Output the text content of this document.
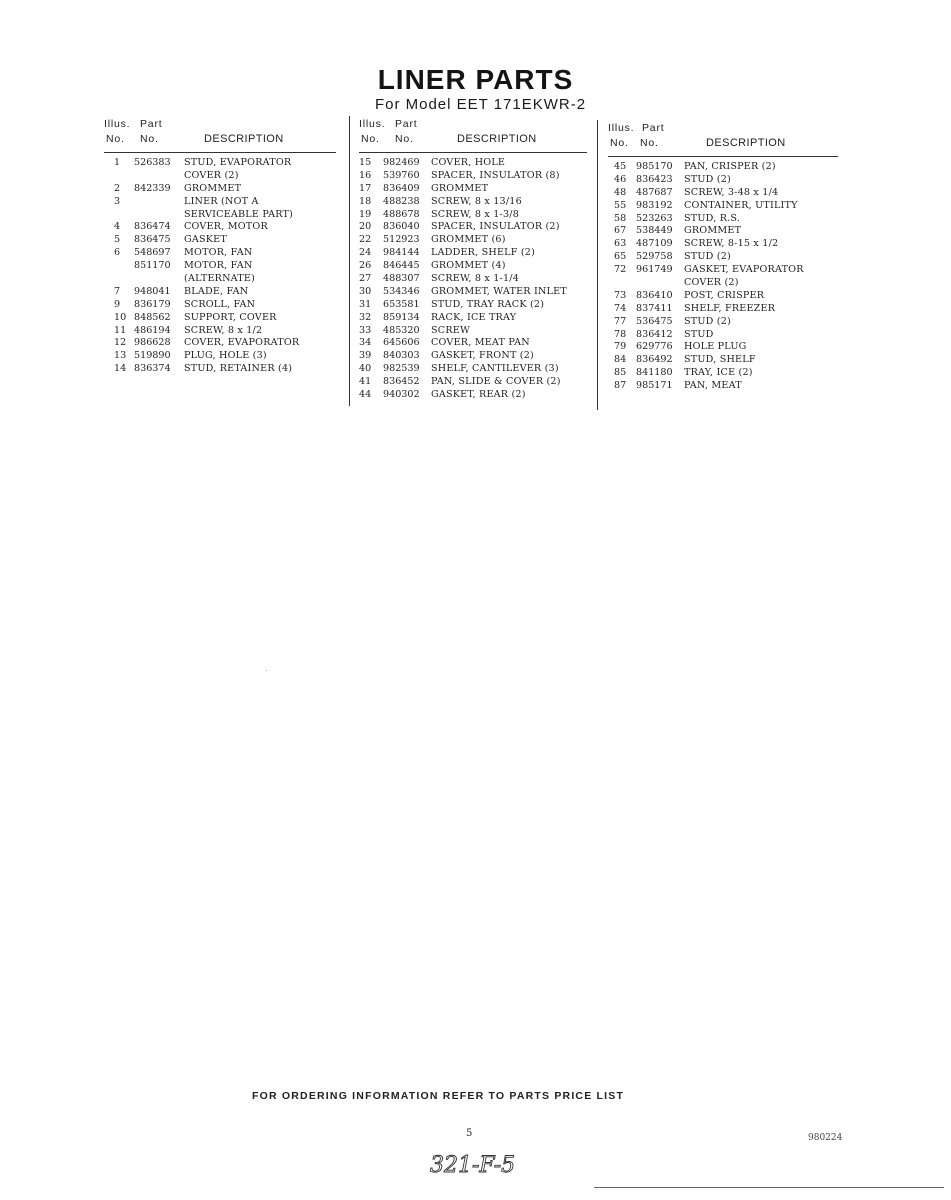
LINER PARTS
For Model EET 171EKWR-2
Illus. Part
No. No.	DESCRIPTION
1 526383 STUD, EVAPORATOR
COVER (2)
2 842339 GROMMET
3	LINER (NOT A
SERVICEABLE PART)
4 836474 COVER, MOTOR
5 836475 GASKET
6 548697 MOTOR, FAN
851170 MOTOR, FAN
(ALTERNATE)
7 948041 BLADE, FAN
9 836179 SCROLL, FAN
10 848562 SUPPORT, COVER
11 486194 SCREW, 8 x 1/2
12 986628 COVER, EVAPORATOR
13 519890 PLUG, HOLE (3)
14 836374 STUD, RETAINER (4)
Illus. Part
No. No.	DESCRIPTION
15 982469 COVER, HOLE
16 539760 SPACER, INSULATOR (8)
17 836409 GROMMET
18 488238 SCREW, 8 x 13/16
19 488678 SCREW, 8 x 1-3/8
20 836040 SPACER, INSULATOR (2)
22 512923 GROMMET (6)
24 984144 LADDER, SHELF (2)
26 846445 GROMMET (4)
27 488307 SCREW, 8 x 1-1/4
30 534346 GROMMET, WATER INLET
31 653581 STUD, TRAY RACK (2)
32 859134 RACK, ICE TRAY
33 485320 SCREW
34 645606 COVER, MEAT PAN
39 840303 GASKET, FRONT (2)
40 982539 SHELF, CANTILEVER (3)
41 836452 PAN, SLIDE & COVER (2)
44 940302 GASKET, REAR (2)
Illus. Part
No. No.	DESCRIPTION
45 985170 PAN, CRISPER (2)
46 836423 STUD (2)
48 487687 SCREW, 3-48 x 1/4
55 983192 CONTAINER, UTILITY
58 523263 STUD, R.S.
67 538449 GROMMET
63 487109 SCREW, 8-15 x 1/2
65 529758 STUD (2)
72 961749 GASKET, EVAPORATOR
COVER (2)
73 836410 POST, CRISPER
74 837411 SHELF, FREEZER
77 536475 STUD (2)
78 836412 STUD
79 629776 HOLE PLUG
84 836492 STUD, SHELF
85 841180 TRAY, ICE (2)
87 985171 PAN, MEAT
FOR ORDERING INFORMATION REFER TO PARTS PRICE LIST
5	980224
321-F-5
